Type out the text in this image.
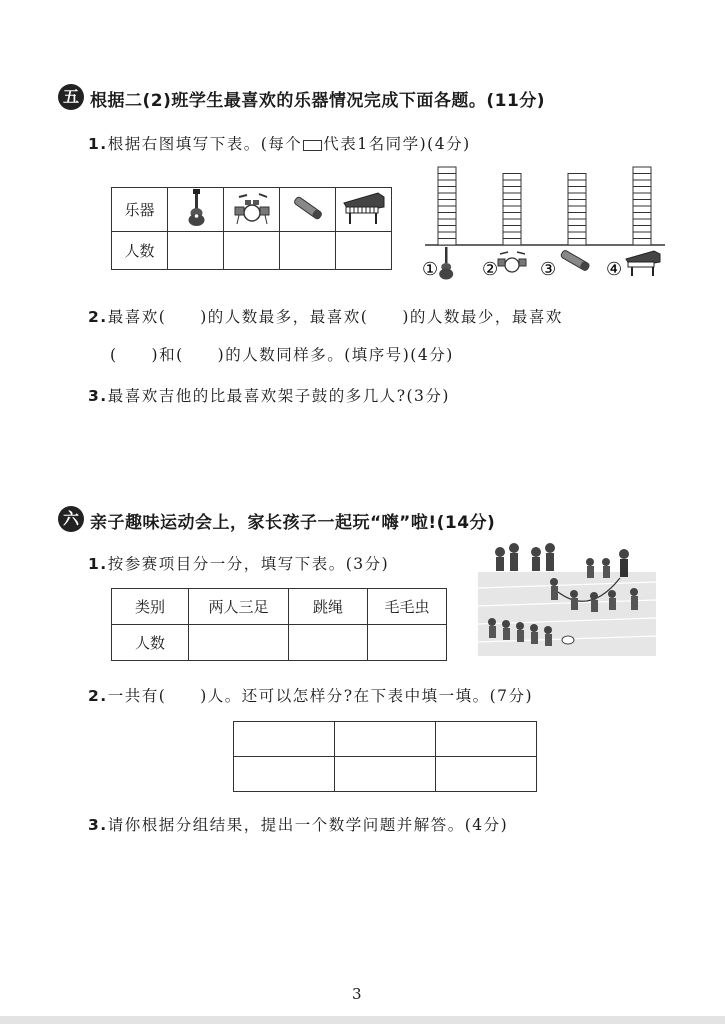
五 根据二(2)班学生最喜欢的乐器情况完成下面各题。(11分)
1.根据右图填写下表。(每个 代表1名同学)(4分)
乐器				
人数				
① ② ③	④
2.最喜欢(　　)的人数最多，最喜欢(　　)的人数最少，最喜欢
(　　)和(　　)的人数同样多。(填序号)(4分)
3.最喜欢吉他的比最喜欢架子鼓的多几人?(3分)
六 亲子趣味运动会上，家长孩子一起玩“嗨”啦!(14分)
1.按参赛项目分一分，填写下表。(3分)
类别	两人三足	跳绳	毛毛虫
人数			
2.一共有(　　)人。还可以怎样分?在下表中填一填。(7分)

3.请你根据分组结果，提出一个数学问题并解答。(4分)
3
